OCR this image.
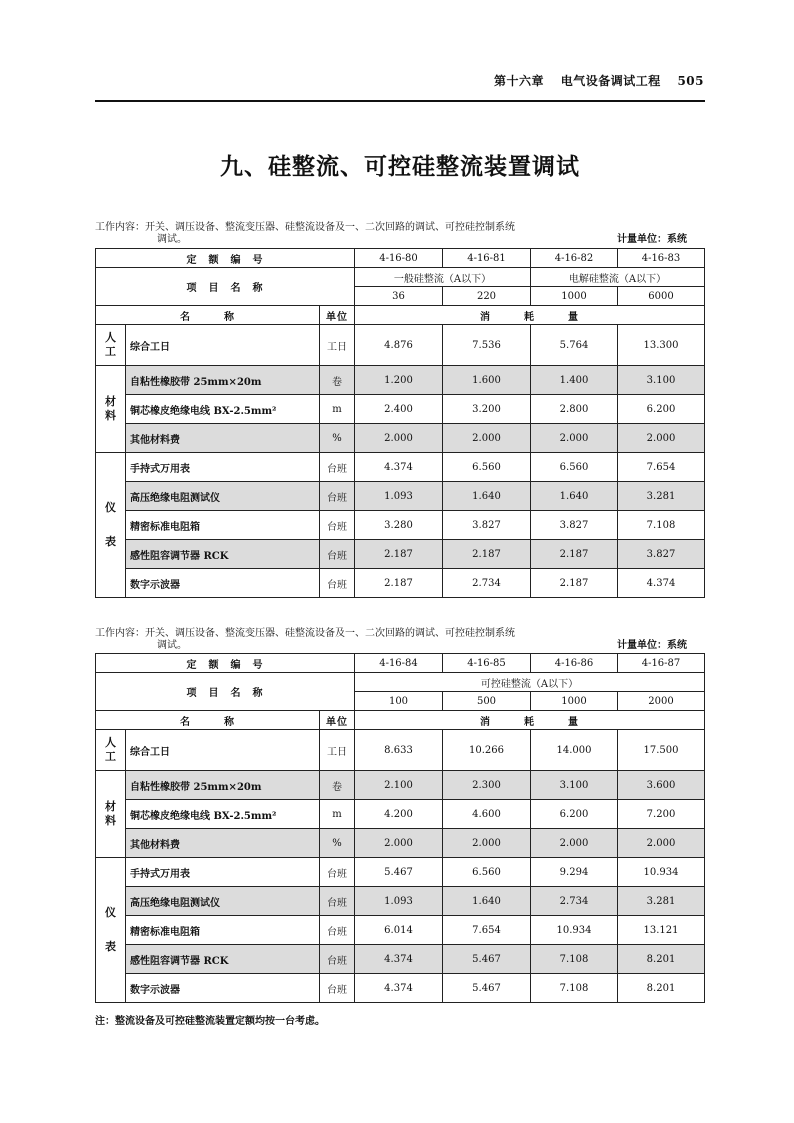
第十六章 电气设备调试工程 505
九、硅整流、可控硅整流装置调试
工作内容：开关、调压设备、整流变压器、硅整流设备及一、二次回路的调试、可控硅控制系统
调试。	计量单位：系统
定　额　编　号			4-16-80	4-16-81	4-16-82	4-16-83
项　目　名　称			一般硅整流（A以下）		电解硅整流（A以下）	
			36	220	1000	6000
名　　　称		单位	消　　　耗　　　量			
人
工	综合工日	工日	4.876	7.536	5.764	13.300
材
料	自粘性橡胶带 25mm×20m	卷	1.200	1.600	1.400	3.100
	铜芯橡皮绝缘电线 BX-2.5mm²	m	2.400	3.200	2.800	6.200
	其他材料费	%	2.000	2.000	2.000	2.000

仪
表	手持式万用表	台班	4.374	6.560	6.560	7.654
	高压绝缘电阻测试仪	台班	1.093	1.640	1.640	3.281
	精密标准电阻箱	台班	3.280	3.827	3.827	7.108
	感性阻容调节器 RCK	台班	2.187	2.187	2.187	3.827
	数字示波器	台班	2.187	2.734	2.187	4.374
工作内容：开关、调压设备、整流变压器、硅整流设备及一、二次回路的调试、可控硅控制系统
调试。	计量单位：系统
定　额　编　号			4-16-84	4-16-85	4-16-86	4-16-87
项　目　名　称			可控硅整流（A以下）			
			100	500	1000	2000
名　　　称		单位	消　　　耗　　　量			
人
工	综合工日	工日	8.633	10.266	14.000	17.500
材
料	自粘性橡胶带 25mm×20m	卷	2.100	2.300	3.100	3.600
	铜芯橡皮绝缘电线 BX-2.5mm²	m	4.200	4.600	6.200	7.200
	其他材料费	%	2.000	2.000	2.000	2.000

仪
表	手持式万用表	台班	5.467	6.560	9.294	10.934
	高压绝缘电阻测试仪	台班	1.093	1.640	2.734	3.281
	精密标准电阻箱	台班	6.014	7.654	10.934	13.121
	感性阻容调节器 RCK	台班	4.374	5.467	7.108	8.201
	数字示波器	台班	4.374	5.467	7.108	8.201
注：整流设备及可控硅整流装置定额均按一台考虑。
